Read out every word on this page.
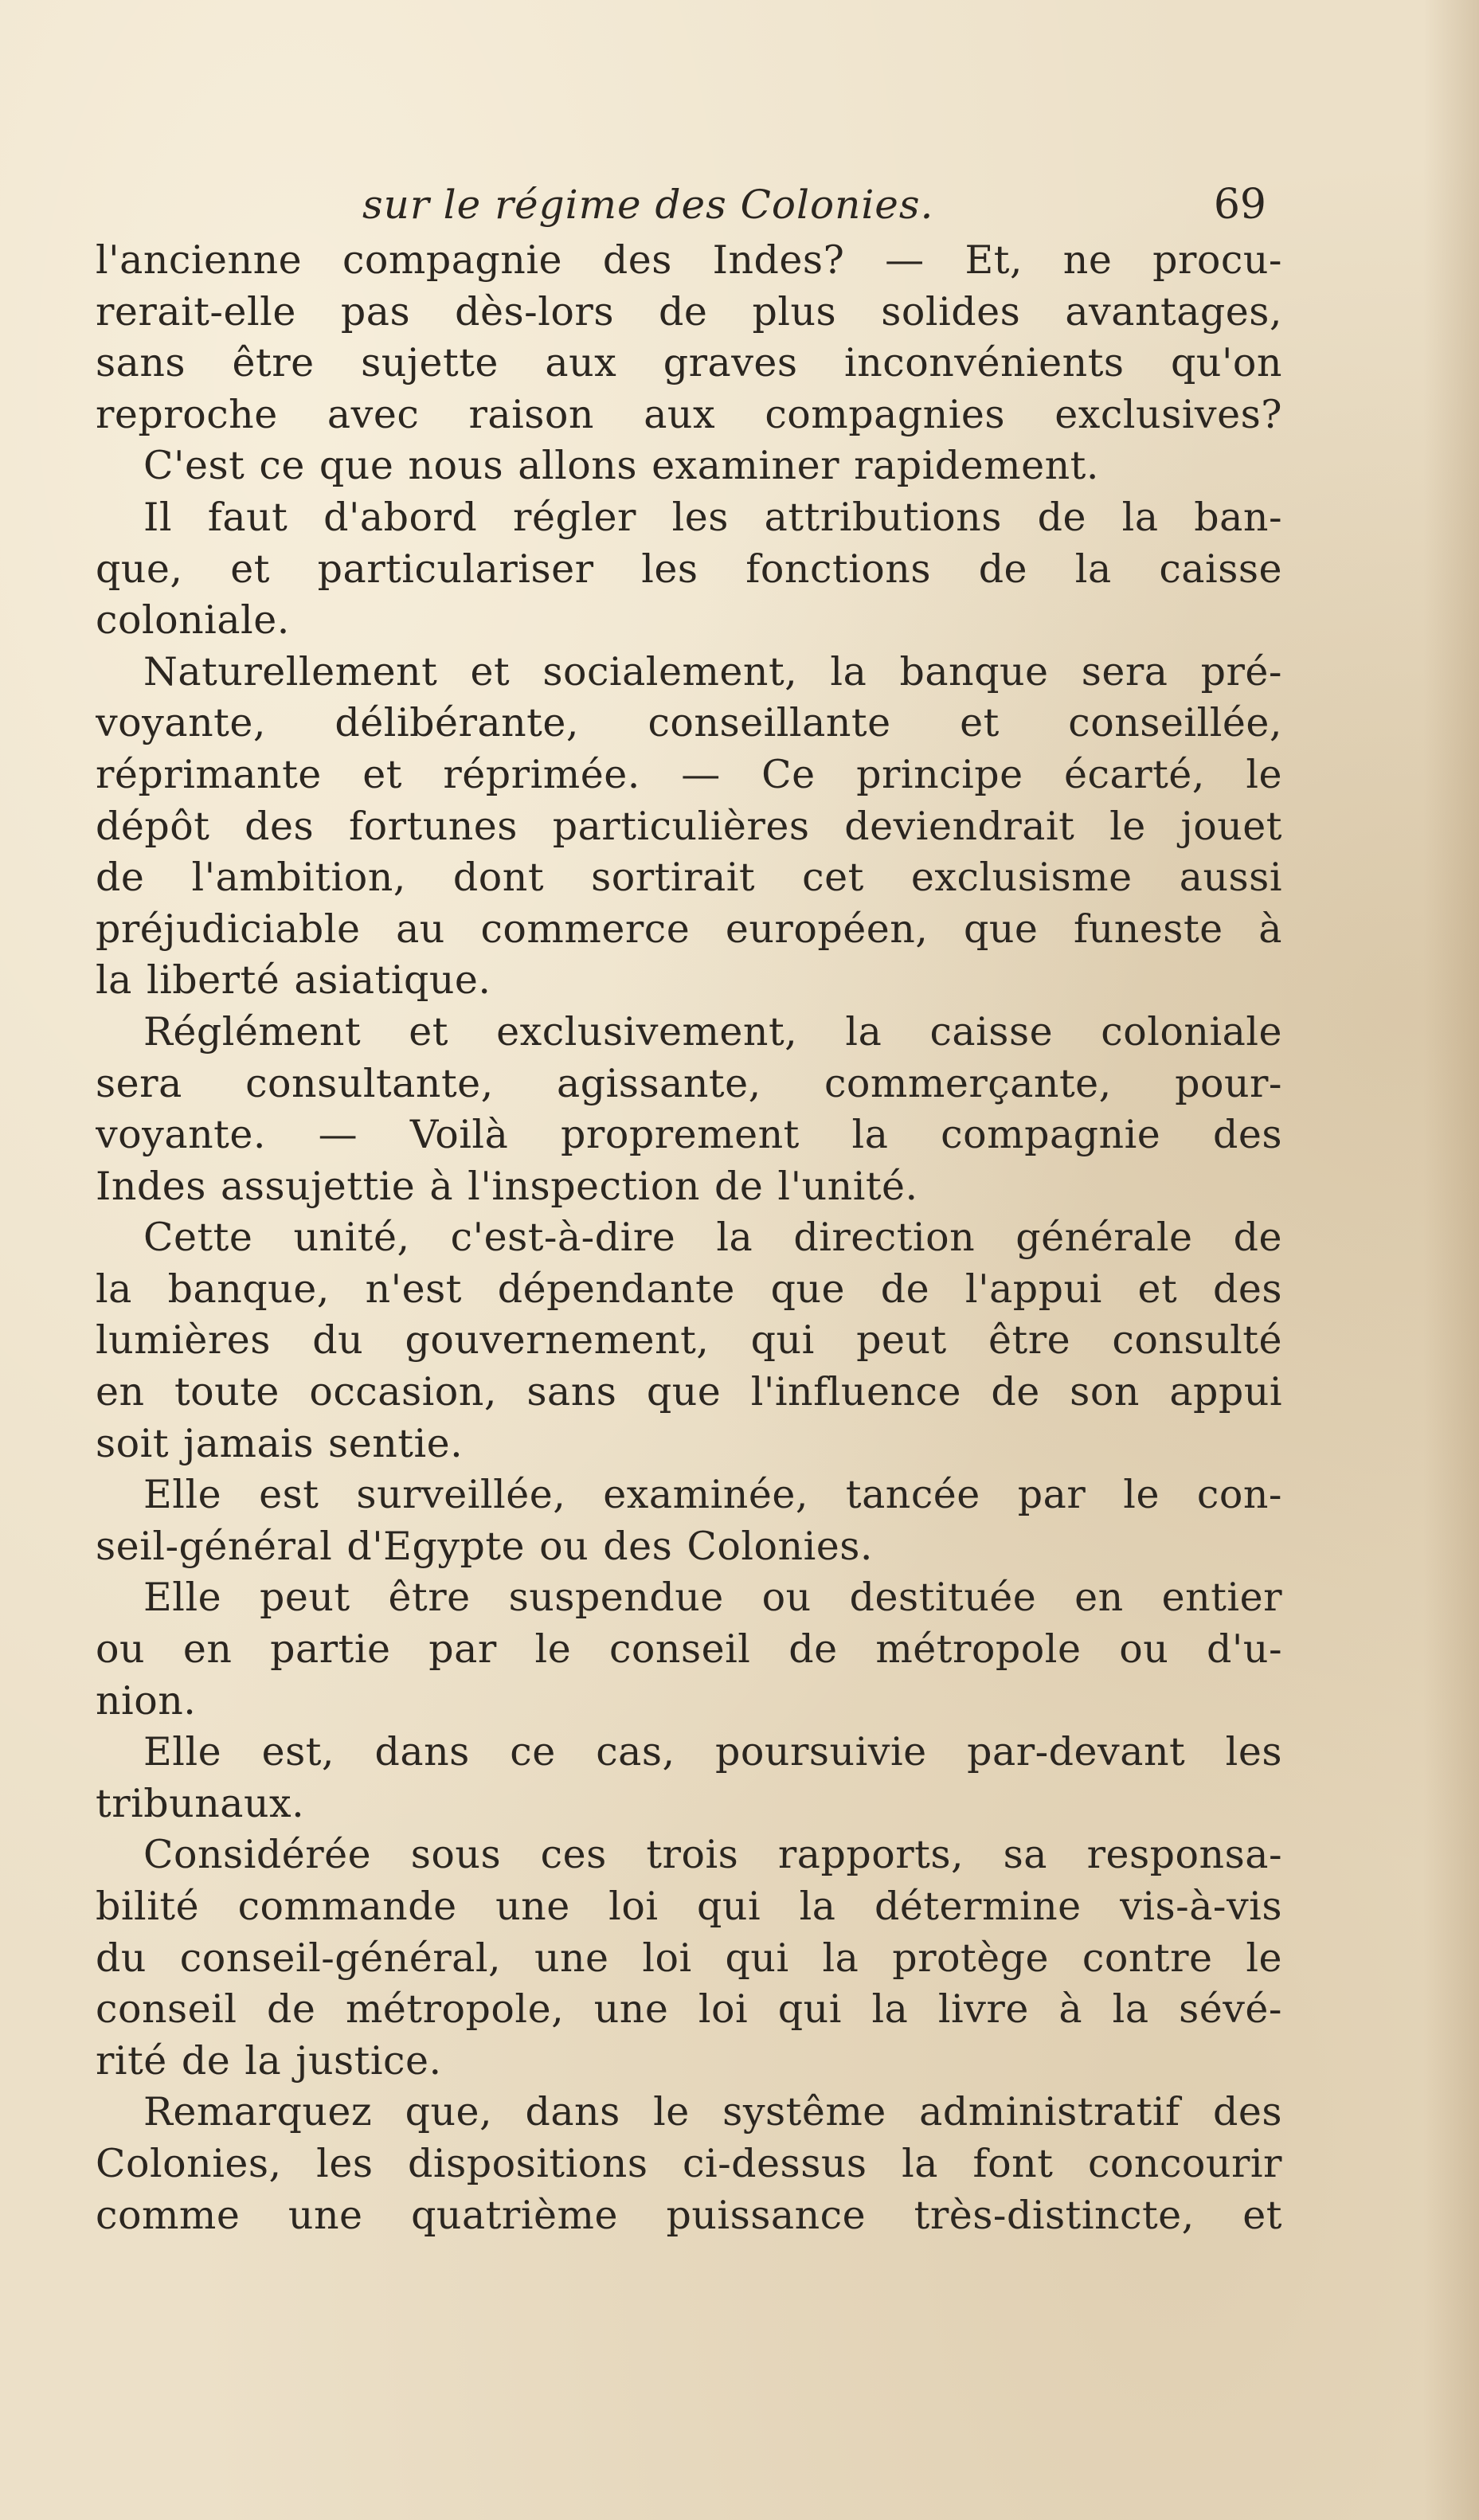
sur le régime des Colonies.	69
l'ancienne compagnie des Indes? — Et, ne procu-
rerait-elle pas dès-lors de plus solides avantages,
sans être sujette aux graves inconvénients qu'on
reproche avec raison aux compagnies exclusives?
C'est ce que nous allons examiner rapidement.
Il faut d'abord régler les attributions de la ban-
que, et particulariser les fonctions de la caisse
coloniale.
Naturellement et socialement, la banque sera pré-
voyante, délibérante, conseillante et conseillée,
réprimante et réprimée. — Ce principe écarté, le
dépôt des fortunes particulières deviendrait le jouet
de l'ambition, dont sortirait cet exclusisme aussi
préjudiciable au commerce européen, que funeste à
la liberté asiatique.
Réglément et exclusivement, la caisse coloniale
sera consultante, agissante, commerçante, pour-
voyante. — Voilà proprement la compagnie des
Indes assujettie à l'inspection de l'unité.
Cette unité, c'est-à-dire la direction générale de
la banque, n'est dépendante que de l'appui et des
lumières du gouvernement, qui peut être consulté
en toute occasion, sans que l'influence de son appui
soit jamais sentie.
Elle est surveillée, examinée, tancée par le con-
seil-général d'Egypte ou des Colonies.
Elle peut être suspendue ou destituée en entier
ou en partie par le conseil de métropole ou d'u-
nion.
Elle est, dans ce cas, poursuivie par-devant les
tribunaux.
Considérée sous ces trois rapports, sa responsa-
bilité commande une loi qui la détermine vis-à-vis
du conseil-général, une loi qui la protège contre le
conseil de métropole, une loi qui la livre à la sévé-
rité de la justice.
Remarquez que, dans le systême administratif des
Colonies, les dispositions ci-dessus la font concourir
comme une quatrième puissance très-distincte, et
